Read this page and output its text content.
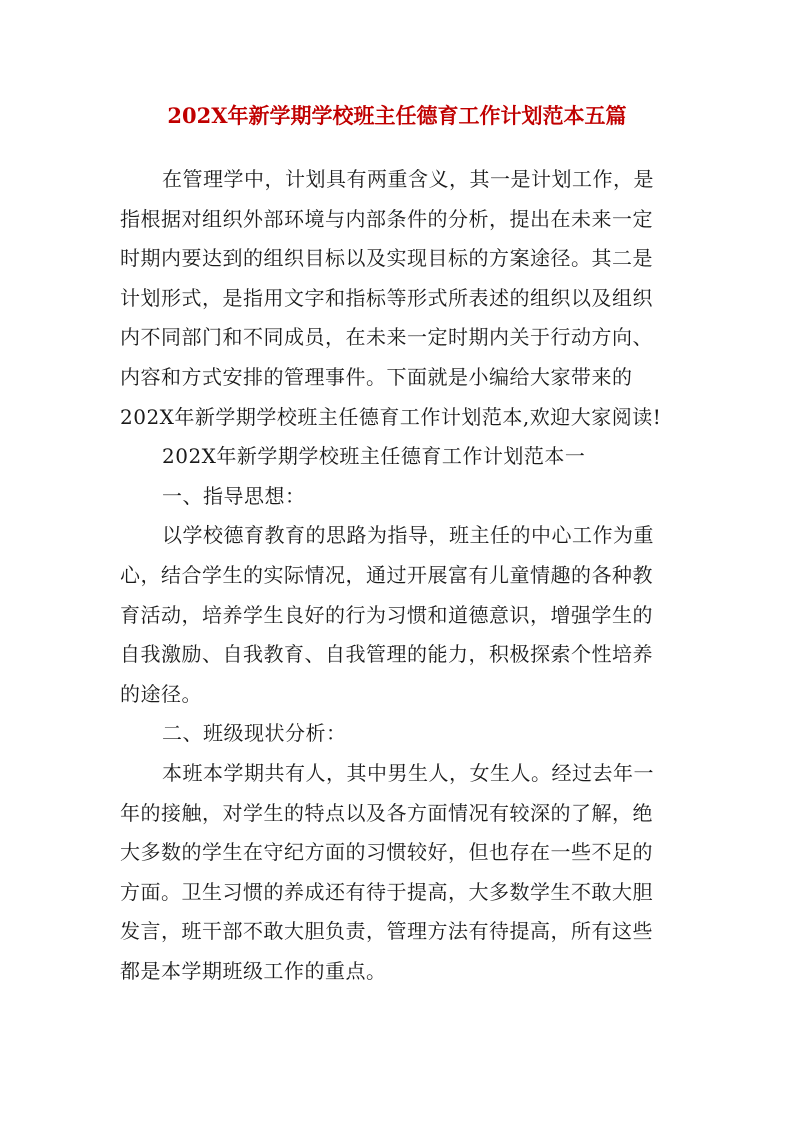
202X年新学期学校班主任德育工作计划范本五篇
在管理学中，计划具有两重含义，其一是计划工作，是
指根据对组织外部环境与内部条件的分析，提出在未来一定
时期内要达到的组织目标以及实现目标的方案途径。其二是
计划形式，是指用文字和指标等形式所表述的组织以及组织
内不同部门和不同成员，在未来一定时期内关于行动方向、
内容和方式安排的管理事件。下面就是小编给大家带来的
202X年新学期学校班主任德育工作计划范本,欢迎大家阅读!
202X年新学期学校班主任德育工作计划范本一
一、指导思想：
以学校德育教育的思路为指导，班主任的中心工作为重
心，结合学生的实际情况，通过开展富有儿童情趣的各种教
育活动，培养学生良好的行为习惯和道德意识，增强学生的
自我激励、自我教育、自我管理的能力，积极探索个性培养
的途径。
二、班级现状分析：
本班本学期共有人，其中男生人，女生人。经过去年一
年的接触，对学生的特点以及各方面情况有较深的了解，绝
大多数的学生在守纪方面的习惯较好，但也存在一些不足的
方面。卫生习惯的养成还有待于提高，大多数学生不敢大胆
发言，班干部不敢大胆负责，管理方法有待提高，所有这些
都是本学期班级工作的重点。
